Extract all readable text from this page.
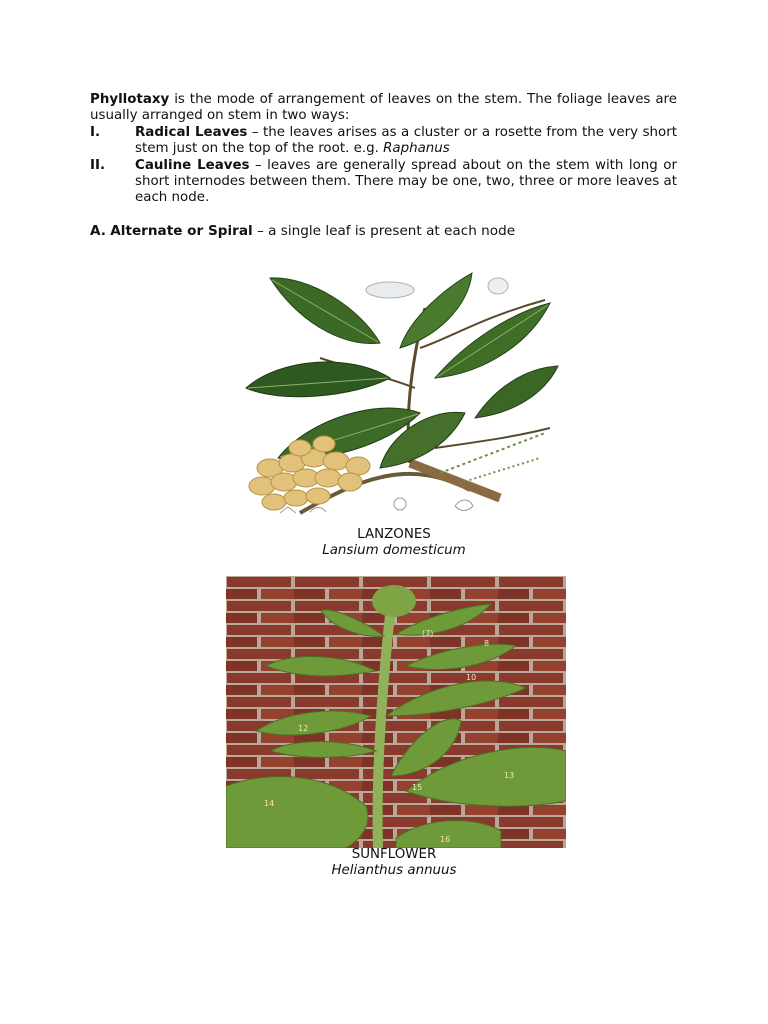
Phyllotaxy is the mode of arrangement of leaves on the stem. The foliage leaves are usually arranged on stem in two ways:

I.	Radical Leaves – the leaves arises as a cluster or a rosette from the very short stem just on the top of the root. e.g. Raphanus
II. Cauline Leaves – leaves are generally spread about on the stem with long or short internodes between them. There may be one, two, three or more leaves at each node.

A. Alternate or Spiral – a single leaf is present at each node

LANZONES
Lansium domesticum
(7)
8
10
12
13
14
15
16
SUNFLOWER
Helianthus annuus
